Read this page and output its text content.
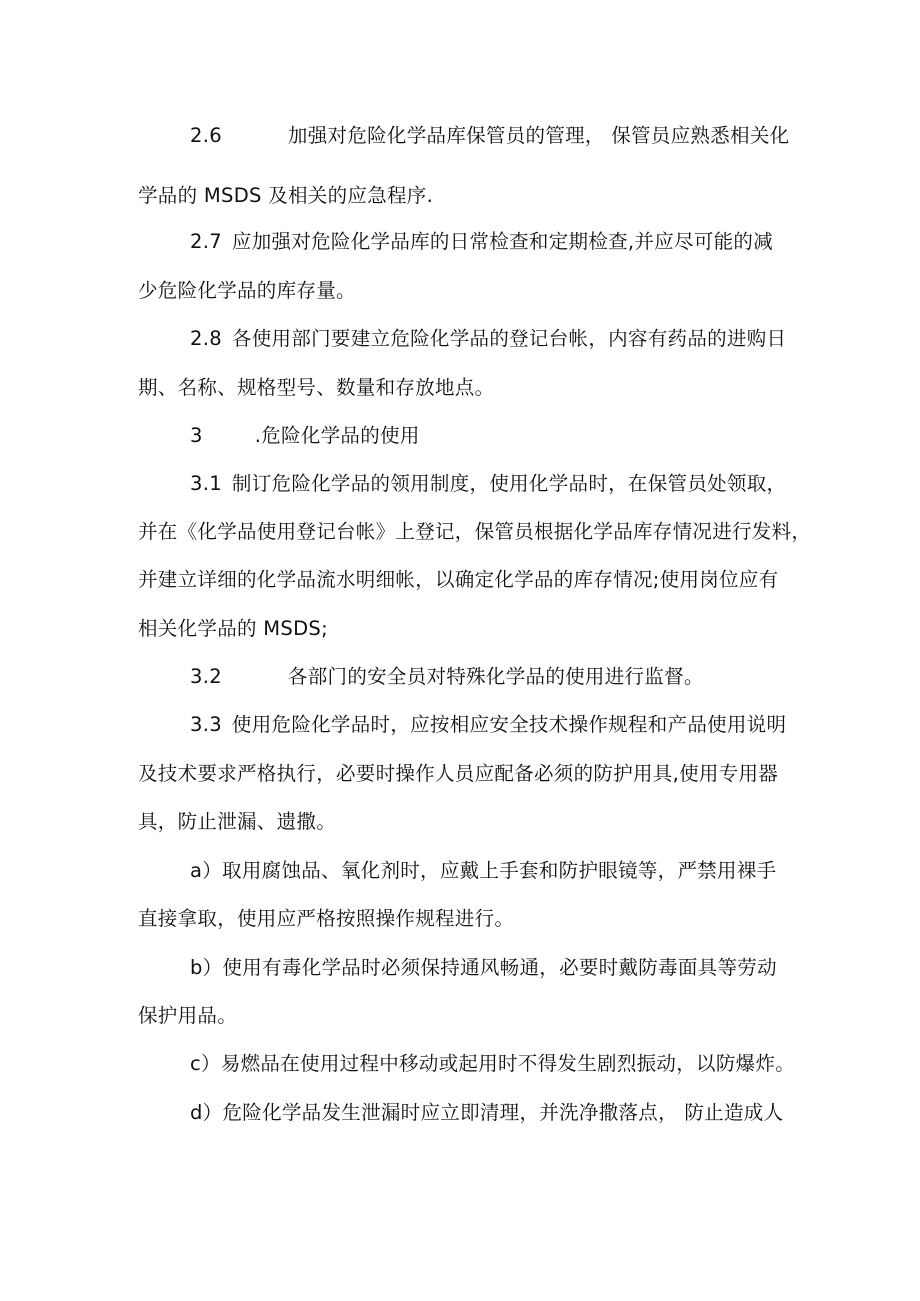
2.6	加强对危险化学品库保管员的管理， 保管员应熟悉相关化
学品的 MSDS 及相关的应急程序.
2.7 应加强对危险化学品库的日常检查和定期检查,并应尽可能的减
少危险化学品的库存量。
2.8 各使用部门要建立危险化学品的登记台帐，内容有药品的进购日
期、名称、规格型号、数量和存放地点。
3	.危险化学品的使用
3.1 制订危险化学品的领用制度，使用化学品时，在保管员处领取，
并在《化学品使用登记台帐》上登记，保管员根据化学品库存情况进行发料，
并建立详细的化学品流水明细帐，以确定化学品的库存情况;使用岗位应有
相关化学品的 MSDS;
3.2	各部门的安全员对特殊化学品的使用进行监督。
3.3 使用危险化学品时，应按相应安全技术操作规程和产品使用说明
及技术要求严格执行，必要时操作人员应配备必须的防护用具,使用专用器
具，防止泄漏、遗撒。
a）取用腐蚀品、氧化剂时，应戴上手套和防护眼镜等，严禁用裸手
直接拿取，使用应严格按照操作规程进行。
b）使用有毒化学品时必须保持通风畅通，必要时戴防毒面具等劳动
保护用品。
c）易燃品在使用过程中移动或起用时不得发生剧烈振动，以防爆炸。
d）危险化学品发生泄漏时应立即清理，并洗净撒落点， 防止造成人
